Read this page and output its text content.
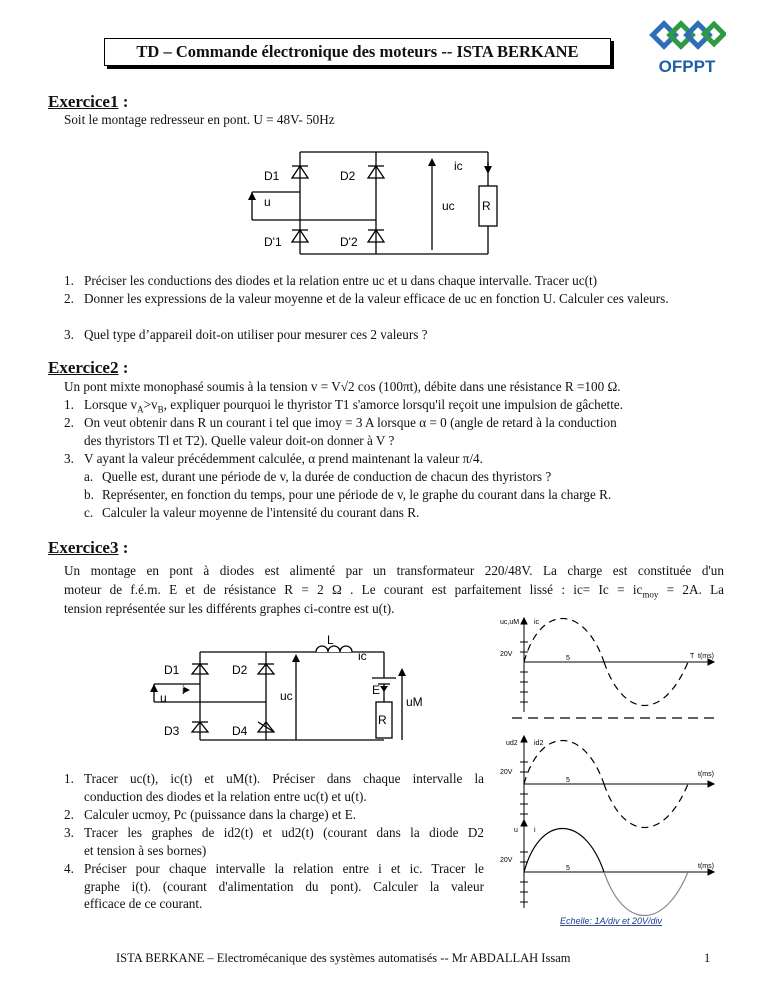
TD – Commande électronique des moteurs -- ISTA BERKANE
OFPPT
Exercice1 :
Soit le montage redresseur en pont. U = 48V- 50Hz
D1	D2
D'1	D'2
ic
u	uc R
1. Préciser les conductions des diodes et la relation entre uc et u dans chaque intervalle. Tracer uc(t)
2. Donner les expressions de la valeur moyenne et de la valeur efficace de uc en fonction U. Calculer ces valeurs.
3. Quel type d’appareil doit-on utiliser pour mesurer ces 2 valeurs ?
Exercice2 :
Un pont mixte monophasé soumis à la tension v = V√2 cos (100πt), débite dans une résistance R =100 Ω.
1. Lorsque $v_A>v_B$, expliquer pourquoi le thyristor T1 s'amorce lorsqu'il reçoit une impulsion de gâchette.
2. On veut obtenir dans R un courant i tel que imoy = 3 A lorsque α = 0 (angle de retard à la conduction
des thyristors Tl et T2). Quelle valeur doit-on donner à V ?
3. V ayant la valeur précédemment calculée, α prend maintenant la valeur π/4.
a. Quelle est, durant une période de v, la durée de conduction de chacun des thyristors ?
b. Représenter, en fonction du temps, pour une période de v, le graphe du courant dans la charge R.
c. Calculer la valeur moyenne de l'intensité du courant dans R.
Exercice3 :
Un montage en pont à diodes est alimenté par un transformateur 220/48V. La charge est constituée d'un
moteur de f.é.m. E et de résistance R = 2 Ω . Le courant est parfaitement lissé : $ic= Ic = ic_{moy} = 2A$. La
tension représentée sur les différents graphes ci-contre est u(t).
D1	D2
D3	D4
L
ic
i
u	uc	E
R
uM
uc,uM ic
20V
5	T t(ms)
ud2 id2
20V
5
t(ms)
u i
20V
5	t(ms)
Echelle: 1A/div et 20V/div
1. Tracer uc(t), ic(t) et uM(t). Préciser dans chaque intervalle la
conduction des diodes et la relation entre uc(t) et u(t).
2. Calculer ucmoy, Pc (puissance dans la charge) et E.
3. Tracer les graphes de id2(t) et ud2(t) (courant dans la diode D2
et tension à ses bornes)
4. Préciser pour chaque intervalle la relation entre i et ic. Tracer le
graphe i(t). (courant d'alimentation du pont). Calculer la valeur
efficace de ce courant.
ISTA BERKANE – Electromécanique des systèmes automatisés -- Mr ABDALLAH Issam	1
